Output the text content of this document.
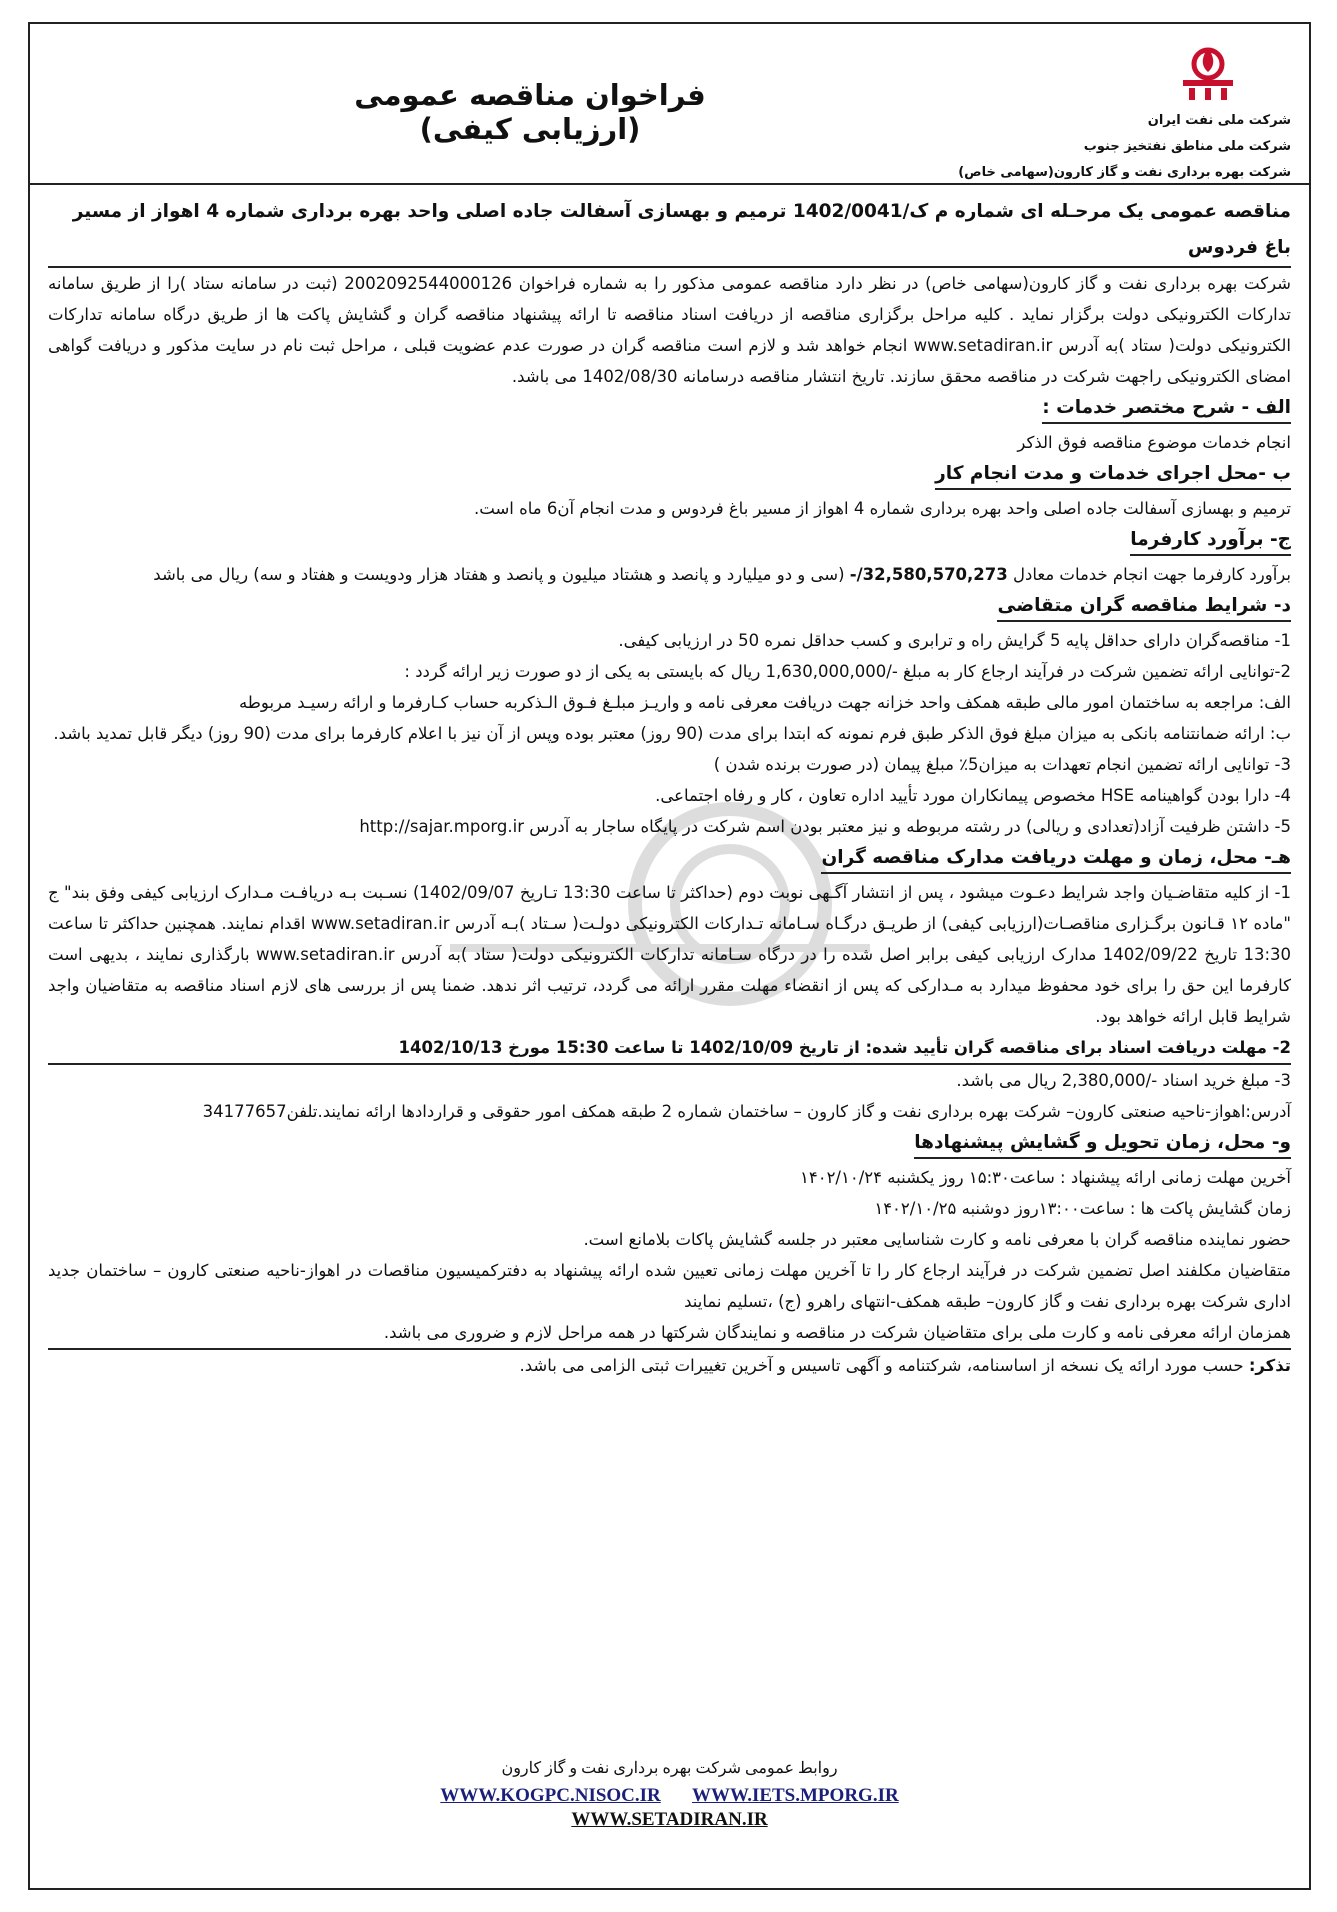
شرکت ملی نفت ایران
شرکت ملی مناطق نفتخیز جنوب
شرکت بهره برداری نفت و گاز کارون(سهامی خاص)
فراخوان مناقصه عمومی (ارزیابی کیفی)

مناقصه عمومی یک مرحـله ای شماره م ک/1402/0041 ترمیم و بهسازی آسفالت جاده اصلی واحد بهره برداری شماره 4 اهواز از مسیر باغ فردوس

شرکت بهره برداری نفت و گاز کارون(سهامی خاص) در نظر دارد مناقصه عمومی مذکور را به شماره فراخوان 2002092544000126 (ثبت در سامانه ستاد )را از طریق سامانه تدارکات الکترونیکی دولت برگزار نماید . کلیه مراحل برگزاری مناقصه از دریافت اسناد مناقصه تا ارائه پیشنهاد مناقصه گران و گشایش پاکت ها از طریق درگاه سامانه تدارکات الکترونیکی دولت( ستاد )به آدرس www.setadiran.ir انجام خواهد شد و لازم است مناقصه گران در صورت عدم عضویت قبلی ، مراحل ثبت نام در سایت مذکور و دریافت گواهی امضای الکترونیکی راجهت شرکت در مناقصه محقق سازند. تاریخ انتشار مناقصه درسامانه 1402/08/30 می باشد.

الف - شرح مختصر خدمات :

انجام خدمات موضوع مناقصه فوق الذکر

ب -محل اجرای خدمات و مدت انجام کار

ترمیم و بهسازی آسفالت جاده اصلی واحد بهره برداری شماره 4 اهواز از مسیر باغ فردوس و مدت انجام آن6 ماه است.

ج- برآورد کارفرما

برآورد کارفرما جهت انجام خدمات معادل -/32,580,570,273 (سی و دو میلیارد و پانصد و هشتاد میلیون و پانصد و هفتاد هزار ودویست و هفتاد و سه) ریال می باشد

د- شرایط مناقصه گران متقاضی

1- مناقصه‌گران دارای حداقل پایه 5 گرایش راه و ترابری و کسب حداقل نمره 50 در ارزیابی کیفی.

2-توانایی ارائه تضمین شرکت در فرآیند ارجاع کار به مبلغ -/1,630,000,000 ریال که بایستی به یکی از دو صورت زیر ارائه گردد :

الف: مراجعه به ساختمان امور مالی طبقه همکف واحد خزانه جهت دریافت معرفی نامه و واریـز مبلـغ فـوق الـذکربه حساب کـارفرما و ارائه رسیـد مربوطه

ب: ارائه ضمانتنامه بانکی به میزان مبلغ فوق الذکر طبق فرم نمونه که ابتدا برای مدت (90 روز) معتبر بوده وپس از آن نیز با اعلام کارفرما برای مدت (90 روز) دیگر قابل تمدید باشد.

3- توانایی ارائه تضمین انجام تعهدات به میزان5٪ مبلغ پیمان (در صورت برنده شدن )

4- دارا بودن گواهینامه HSE مخصوص پیمانکاران مورد تأیید اداره تعاون ، کار و رفاه اجتماعی.

5- داشتن ظرفیت آزاد(تعدادی و ریالی) در رشته مربوطه و نیز معتبر بودن اسم شرکت در پایگاه ساجار به آدرس http://sajar.mporg.ir

هـ- محل، زمان و مهلت دریافت مدارک مناقصه گران

1- از کلیه متقاضـیان واجد شرایط دعـوت میشود ، پس از انتشار آگـهی نوبت دوم (حداکثر تا ساعت 13:30 تـاریخ 1402/09/07) نسـبت بـه دریافـت مـدارک ارزیابی کیفی وفق بند" ج "ماده ١٢ قـانون برگـزاری مناقصـات(ارزیابی کیفی) از طریـق درگـاه سـامانه تـدارکات الکترونیکی دولـت( سـتاد )بـه آدرس www.setadiran.ir اقدام نمایند. همچنین حداکثر تا ساعت 13:30 تاریخ 1402/09/22 مدارک ارزیابی کیفی برابر اصل شده را در درگاه سـامانه تدارکات الکترونیکی دولت( ستاد )به آدرس www.setadiran.ir بارگذاری نمایند ، بدیهی است کارفرما این حق را برای خود محفوظ میدارد به مـدارکی که پس از انقضاء مهلت مقرر ارائه می گردد، ترتیب اثر ندهد. ضمنا پس از بررسی های لازم اسناد مناقصه به متقاضیان واجد شرایط قابل ارائه خواهد بود.

2- مهلت دریافت اسناد برای مناقصه گران تأیید شده: از تاریخ 1402/10/09 تا ساعت 15:30 مورخ 1402/10/13

3- مبلغ خرید اسناد -/2,380,000 ریال می باشد.

آدرس:اهواز-ناحیه صنعتی کارون– شرکت بهره برداری نفت و گاز کارون – ساختمان شماره 2 طبقه همکف امور حقوقی و قراردادها ارائه نمایند.تلفن34177657

و- محل، زمان تحویل و گشایش پیشنهادها

آخرین مهلت زمانی ارائه پیشنهاد : ساعت۱۵:۳۰ روز یکشنبه ۱۴۰۲/۱۰/۲۴

زمان گشایش پاکت ها : ساعت۱۳:۰۰روز دوشنبه ۱۴۰۲/۱۰/۲۵

حضور نماینده مناقصه گران با معرفی نامه و کارت شناسایی معتبر در جلسه گشایش پاکات بلامانع است.

متقاضیان مکلفند اصل تضمین شرکت در فرآیند ارجاع کار را تا آخرین مهلت زمانی تعیین شده ارائه پیشنهاد به دفترکمیسیون مناقصات در اهواز-ناحیه صنعتی کارون – ساختمان جدید اداری شرکت بهره برداری نفت و گاز کارون– طبقه همکف-انتهای راهرو (ج) ،تسلیم نمایند

همزمان ارائه معرفی نامه و کارت ملی برای متقاضیان شرکت در مناقصه و نمایندگان شرکتها در همه مراحل لازم و ضروری می باشد.

تذکر: حسب مورد ارائه یک نسخه از اساسنامه، شرکتنامه و آگهی تاسیس و آخرین تغییرات ثبتی الزامی می باشد.

روابط عمومی شرکت بهره برداری نفت و گاز کارون
WWW.KOGPC.NISOC.IR WWW.IETS.MPORG.IR
WWW.SETADIRAN.IR
